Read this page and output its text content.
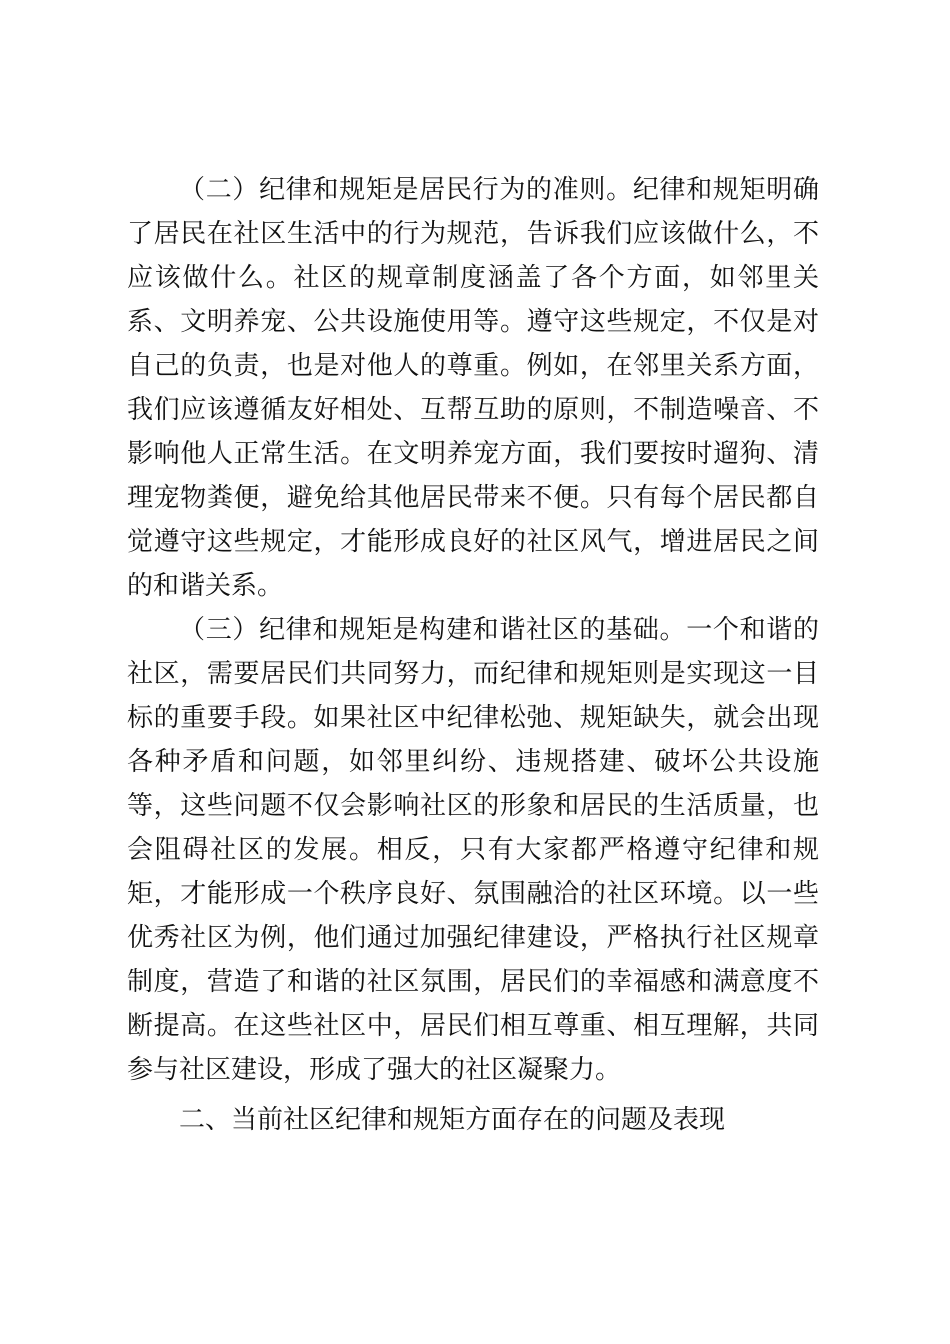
（二）纪律和规矩是居民行为的准则。纪律和规矩明确了居民在社区生活中的行为规范，告诉我们应该做什么，不应该做什么。社区的规章制度涵盖了各个方面，如邻里关系、文明养宠、公共设施使用等。遵守这些规定，不仅是对自己的负责，也是对他人的尊重。例如，在邻里关系方面，我们应该遵循友好相处、互帮互助的原则，不制造噪音、不影响他人正常生活。在文明养宠方面，我们要按时遛狗、清理宠物粪便，避免给其他居民带来不便。只有每个居民都自觉遵守这些规定，才能形成良好的社区风气，增进居民之间的和谐关系。

（三）纪律和规矩是构建和谐社区的基础。一个和谐的社区，需要居民们共同努力，而纪律和规矩则是实现这一目标的重要手段。如果社区中纪律松弛、规矩缺失，就会出现各种矛盾和问题，如邻里纠纷、违规搭建、破坏公共设施等，这些问题不仅会影响社区的形象和居民的生活质量，也会阻碍社区的发展。相反，只有大家都严格遵守纪律和规矩，才能形成一个秩序良好、氛围融洽的社区环境。以一些优秀社区为例，他们通过加强纪律建设，严格执行社区规章制度，营造了和谐的社区氛围，居民们的幸福感和满意度不断提高。在这些社区中，居民们相互尊重、相互理解，共同参与社区建设，形成了强大的社区凝聚力。

二、当前社区纪律和规矩方面存在的问题及表现
